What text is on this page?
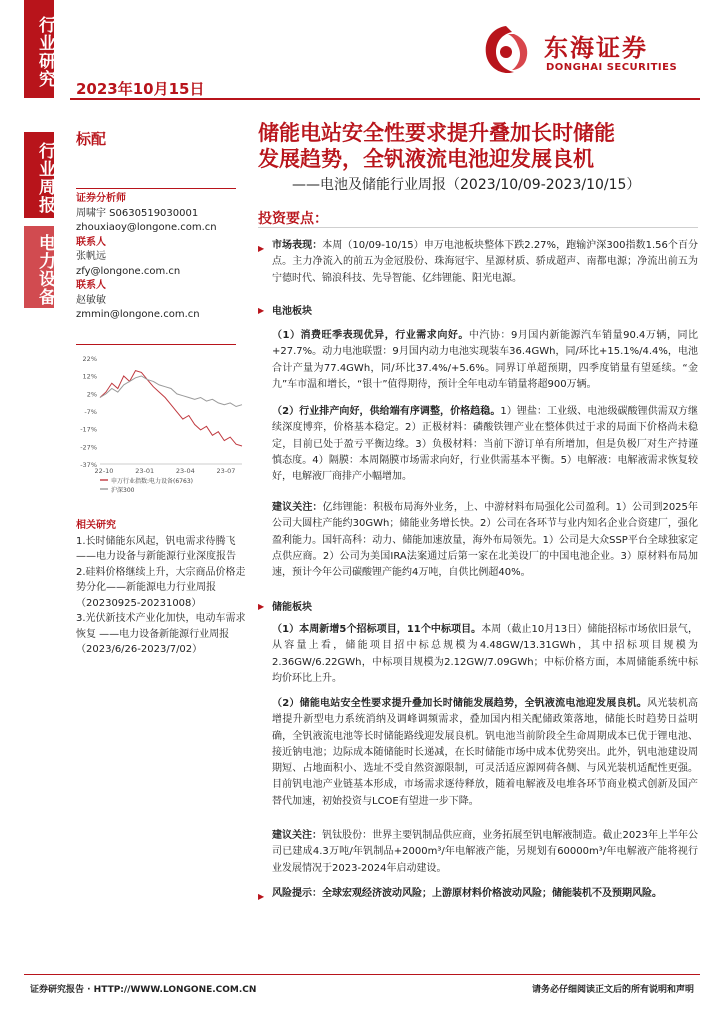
行业研究
行业周报
电力设备
2023年10月15日
东海证券
DONGHAI SECURITIES
标配
证券分析师
周啸宇 S0630519030001
zhouxiaoy@longone.com.cn
联系人
张帆远
zfy@longone.com.cn
联系人
赵敏敏
zmmin@longone.com.cn
22%
12%
2%
-7%
-17%
-27%
-37%
22-10	23-01	23-04	23-07
申万行业指数:电力设备(6763)
沪深300
相关研究
1.长时储能东风起，钒电需求待腾飞——电力设备与新能源行业深度报告
2.硅料价格继续上升，大宗商品价格走势分化——新能源电力行业周报（20230925-20231008）
3.光伏新技术产业化加快，电动车需求恢复 ——电力设备新能源行业周报（2023/6/26-2023/7/02）
储能电站安全性要求提升叠加长时储能
发展趋势，全钒液流电池迎发展良机
——电池及储能行业周报（2023/10/09-2023/10/15）
投资要点：
▶ 市场表现：本周（10/09-10/15）申万电池板块整体下跌2.27%，跑输沪深300指数1.56个百分点。主力净流入的前五为金冠股份、珠海冠宇、星源材质、骄成超声、南都电源；净流出前五为宁德时代、锦浪科技、先导智能、亿纬锂能、阳光电源。
▶ 电池板块
（1）消费旺季表现优异，行业需求向好。中汽协：9月国内新能源汽车销量90.4万辆，同比+27.7%。动力电池联盟：9月国内动力电池实现装车36.4GWh，同/环比+15.1%/4.4%，电池合计产量为77.4GWh，同/环比37.4%/+5.6%。同界订单超预期，四季度销量有望延续。“金九”车市温和增长，“银十”值得期待，预计全年电动车销量将超900万辆。
（2）行业排产向好，供给端有序调整，价格趋稳。1）锂盐：工业级、电池级碳酸锂供需双方继续深度博弈，价格基本稳定。2）正极材料：磷酸铁锂产业在整体供过于求的局面下价格尚未稳定，目前已处于盈亏平衡边缘。3）负极材料：当前下游订单有所增加，但是负极厂对生产持谨慎态度。4）隔膜：本周隔膜市场需求向好，行业供需基本平衡。5）电解液：电解液需求恢复较好，电解液厂商排产小幅增加。
建议关注：亿纬锂能：积极布局海外业务，上、中游材料布局强化公司盈利。1）公司到2025年公司大圆柱产能约30GWh；储能业务增长快。2）公司在各环节与业内知名企业合资建厂，强化盈利能力。国轩高科：动力、储能加速放量，海外布局领先。1）公司是大众SSP平台全球独家定点供应商。2）公司为美国IRA法案通过后第一家在北美设厂的中国电池企业。3）原材料布局加速，预计今年公司碳酸锂产能约4万吨，自供比例超40%。
▶ 储能板块
（1）本周新增5个招标项目，11个中标项目。本周（截止10月13日）储能招标市场依旧景气，从容量上看，储能项目招中标总规模为4.48GW/13.31GWh，其中招标项目规模为2.36GW/6.22GWh，中标项目规模为2.12GW/7.09GWh；中标价格方面，本周储能系统中标均价环比上升。
（2）储能电站安全性要求提升叠加长时储能发展趋势，全钒液流电池迎发展良机。风光装机高增提升新型电力系统消纳及调峰调频需求，叠加国内相关配储政策落地，储能长时趋势日益明确，全钒液流电池等长时储能路线迎发展良机。钒电池当前阶段全生命周期成本已优于锂电池、接近钠电池；边际成本随储能时长递减，在长时储能市场中成本优势突出。此外，钒电池建设周期短、占地面积小、选址不受自然资源限制，可灵活适应源网荷各侧、与风光装机适配性更强。目前钒电池产业链基本形成，市场需求逐待释放，随着电解液及电堆各环节商业模式创新及国产替代加速，初始投资与LCOE有望进一步下降。
建议关注：钒钛股份：世界主要钒制品供应商，业务拓展至钒电解液制造。截止2023年上半年公司已建成4.3万吨/年钒制品+2000m³/年电解液产能，另规划有60000m³/年电解液产能将视行业发展情况于2023-2024年启动建设。
▶ 风险提示：全球宏观经济波动风险；上游原材料价格波动风险；储能装机不及预期风险。
证券研究报告 · HTTP://WWW.LONGONE.COM.CN	请务必仔细阅读正文后的所有说明和声明
